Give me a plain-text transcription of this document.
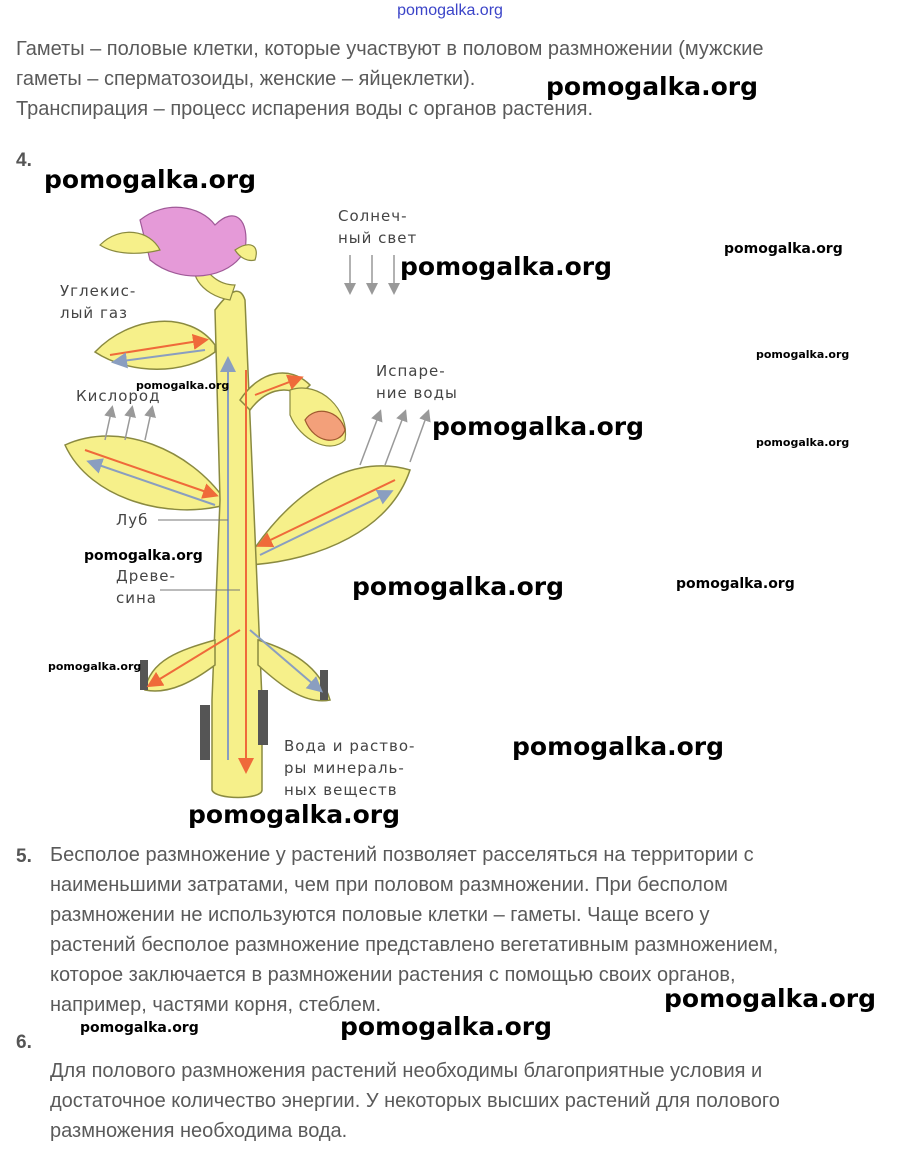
pomogalka.org
Гаметы – половые клетки, которые участвуют в половом размножении (мужские
гаметы – сперматозоиды, женские – яйцеклетки).
Транспирация – процесс испарения воды с органов растения.
4.
Солнеч-
ный свет
Углекис-
лый газ
Кислород
Испаре-
ние воды
Луб
Древе-
сина
Вода и раство-
ры минераль-
ных веществ
5. Бесполое размножение у растений позволяет расселяться на территории с
наименьшими затратами, чем при половом размножении. При бесполом
размножении не используются половые клетки – гаметы. Чаще всего у
растений бесполое размножение представлено вегетативным размножением,
которое заключается в размножении растения с помощью своих органов,
например, частями корня, стеблем.
6.
Для полового размножения растений необходимы благоприятные условия и
достаточное количество энергии. У некоторых высших растений для полового
размножения необходима вода.
pomogalka.org
pomogalka.org
pomogalka.org
pomogalka.org
pomogalka.org
pomogalka.org
pomogalka.org
pomogalka.org
pomogalka.org
pomogalka.org	pomogalka.org
pomogalka.org
pomogalka.org
pomogalka.org
pomogalka.org
pomogalka.org	pomogalka.org
